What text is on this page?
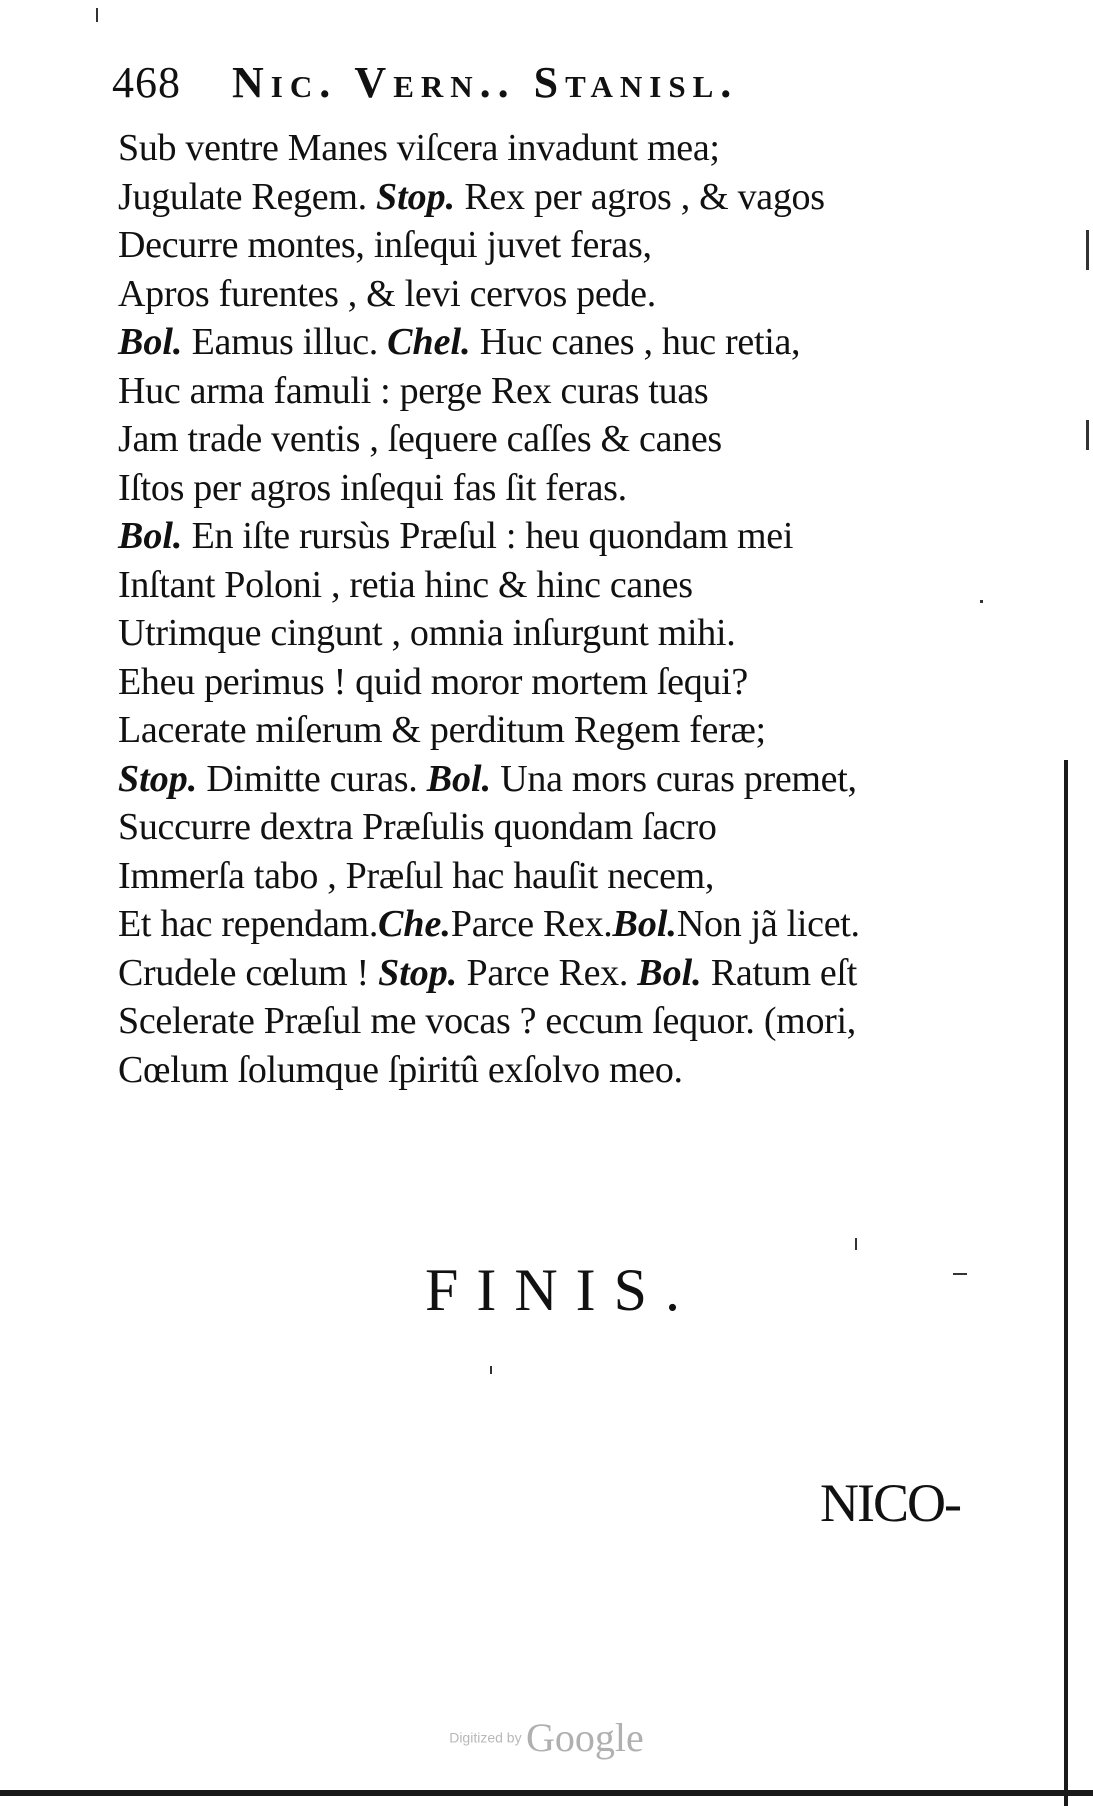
468 Nic. Vern.. Stanisl.
Sub ventre Manes viſcera invadunt mea;
Jugulate Regem. Stop. Rex per agros , & vagos
Decurre montes, inſequi juvet feras,
Apros furentes , & levi cervos pede.
Bol. Eamus illuc. Chel. Huc canes , huc retia,
Huc arma famuli : perge Rex curas tuas
Jam trade ventis , ſequere caſſes & canes
Iſtos per agros inſequi fas ſit feras.
Bol. En iſte rursùs Præſul : heu quondam mei
Inſtant Poloni , retia hinc & hinc canes
Utrimque cingunt , omnia inſurgunt mihi.
Eheu perimus ! quid moror mortem ſequi?
Lacerate miſerum & perditum Regem feræ;
Stop. Dimitte curas. Bol. Una mors curas premet,
Succurre dextra Præſulis quondam ſacro
Immerſa tabo , Præſul hac hauſit necem,
Et hac rependam.Che.Parce Rex.Bol.Non jã licet.
Crudele cœlum ! Stop. Parce Rex. Bol. Ratum eſt
Scelerate Præſul me vocas ? eccum ſequor. (mori,
Cœlum ſolumque ſpiritû exſolvo meo.
FINIS.
NICO-
Digitized by Google
